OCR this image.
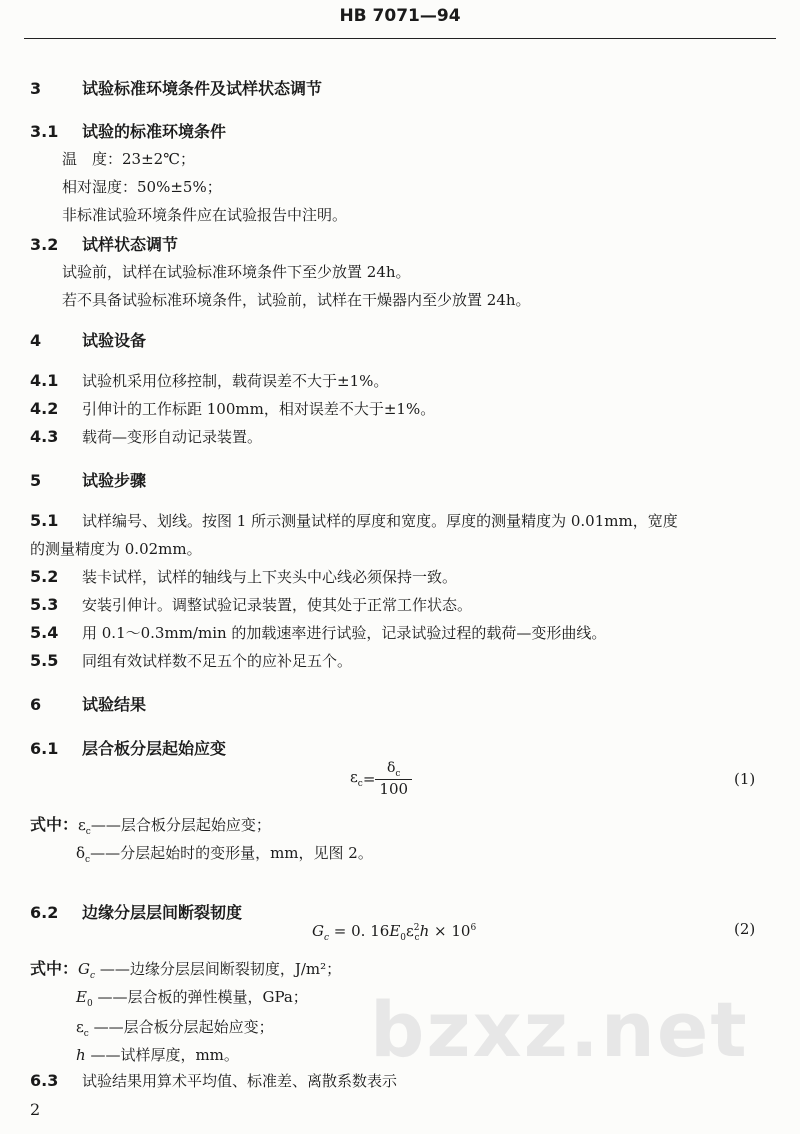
HB 7071—94
3	试验标准环境条件及试样状态调节
3.1 试验的标准环境条件
温　度：23±2℃；
相对湿度：50%±5%；
非标准试验环境条件应在试验报告中注明。
3.2 试样状态调节
试验前，试样在试验标准环境条件下至少放置 24h。
若不具备试验标准环境条件，试验前，试样在干燥器内至少放置 24h。
4	试验设备
4.1 试验机采用位移控制，载荷误差不大于±1%。
4.2 引伸计的工作标距 100mm，相对误差不大于±1%。
4.3 载荷—变形自动记录装置。
5	试验步骤
5.1 试样编号、划线。按图 1 所示测量试样的厚度和宽度。厚度的测量精度为 0.01mm，宽度
的测量精度为 0.02mm。
5.2 装卡试样，试样的轴线与上下夹头中心线必须保持一致。
5.3 安装引伸计。调整试验记录装置，使其处于正常工作状态。
5.4 用 0.1～0.3mm/min 的加载速率进行试验，记录试验过程的载荷—变形曲线。
5.5 同组有效试样数不足五个的应补足五个。
6	试验结果
6.1 层合板分层起始应变
$\varepsilon_c= \frac{\delta_c}{100}$	(1)
式中：$\varepsilon_c——$层合板分层起始应变；
$\delta_c——$分层起始时的变形量，mm，见图 2。
6.2 边缘分层层间断裂韧度
$G_c = 0$. $16E_0\varepsilon^2_ch \times 10^6$	(2)
式中：$G_c$ ——边缘分层层间断裂韧度，J/m²；
$E_0$ ——层合板的弹性模量，GPa；
$\varepsilon_c$ ——层合板分层起始应变；
h ——试样厚度，mm。
6.3 试验结果用算术平均值、标准差、离散系数表示
bzxz.net
2
